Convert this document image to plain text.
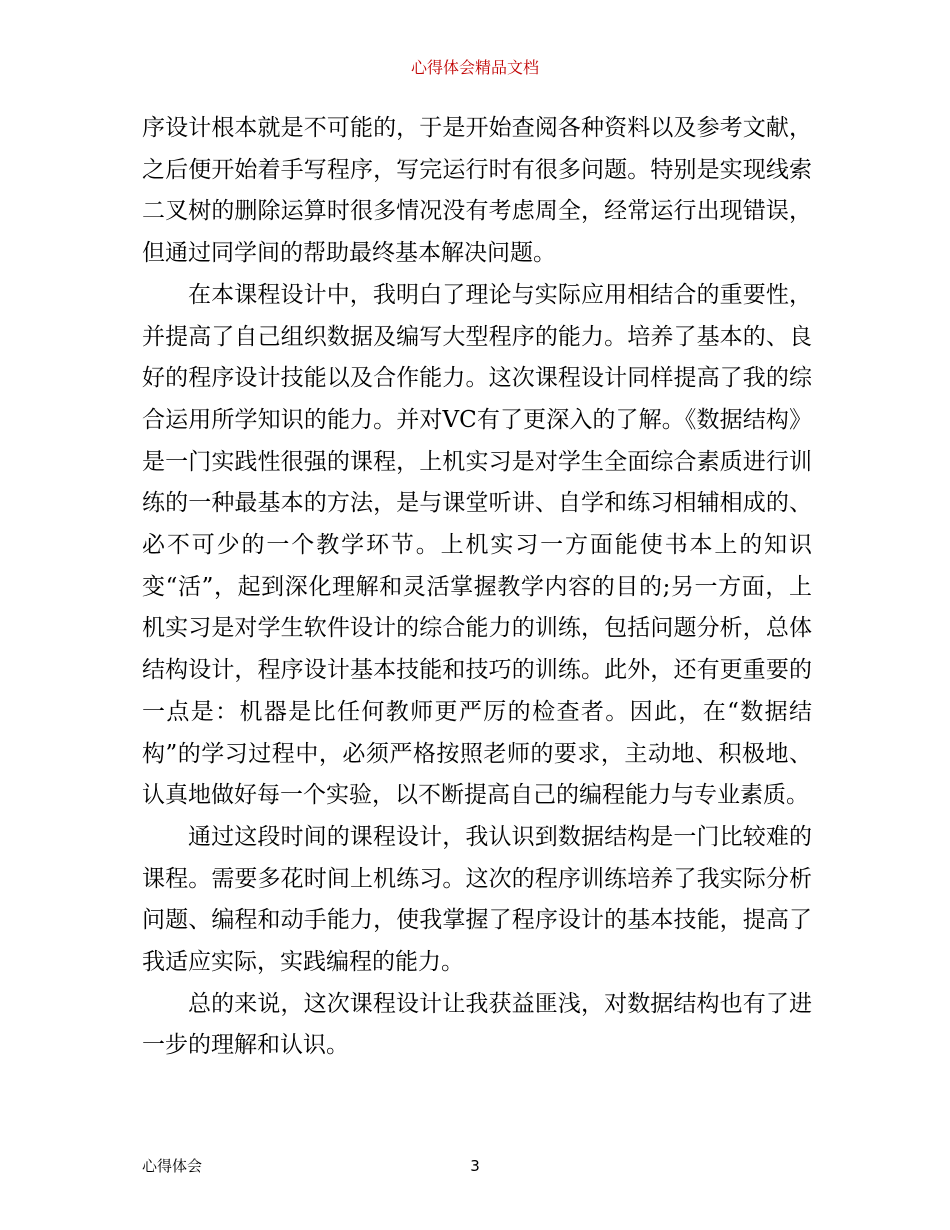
心得体会精品文档

序设计根本就是不可能的，于是开始查阅各种资料以及参考文献，之后便开始着手写程序，写完运行时有很多问题。特别是实现线索二叉树的删除运算时很多情况没有考虑周全，经常运行出现错误，但通过同学间的帮助最终基本解决问题。

在本课程设计中，我明白了理论与实际应用相结合的重要性，并提高了自己组织数据及编写大型程序的能力。培养了基本的、良好的程序设计技能以及合作能力。这次课程设计同样提高了我的综合运用所学知识的能力。并对VC有了更深入的了解。《数据结构》是一门实践性很强的课程，上机实习是对学生全面综合素质进行训练的一种最基本的方法，是与课堂听讲、自学和练习相辅相成的、必不可少的一个教学环节。上机实习一方面能使书本上的知识变“活”，起到深化理解和灵活掌握教学内容的目的;另一方面，上机实习是对学生软件设计的综合能力的训练，包括问题分析，总体结构设计，程序设计基本技能和技巧的训练。此外，还有更重要的一点是：机器是比任何教师更严厉的检查者。因此，在“数据结构”的学习过程中，必须严格按照老师的要求，主动地、积极地、认真地做好每一个实验，以不断提高自己的编程能力与专业素质。

通过这段时间的课程设计，我认识到数据结构是一门比较难的课程。需要多花时间上机练习。这次的程序训练培养了我实际分析问题、编程和动手能力，使我掌握了程序设计的基本技能，提高了我适应实际，实践编程的能力。

总的来说，这次课程设计让我获益匪浅，对数据结构也有了进一步的理解和认识。

心得体会	3
